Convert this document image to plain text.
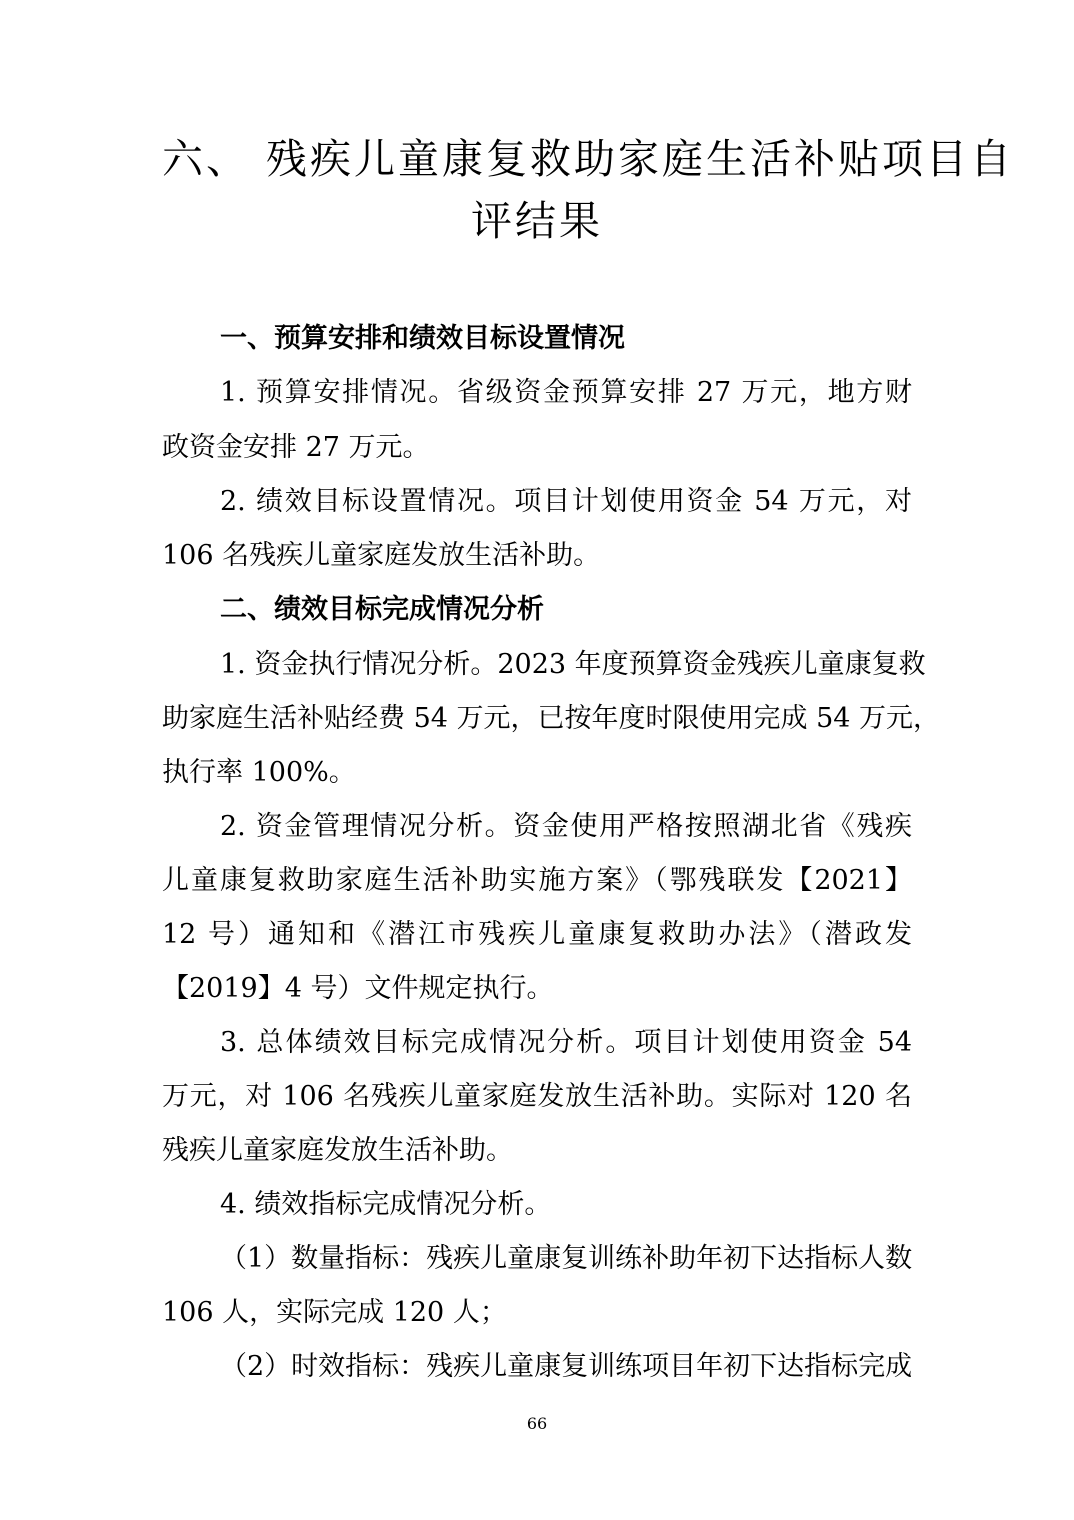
六、 残疾儿童康复救助家庭生活补贴项目自
评结果
一、预算安排和绩效目标设置情况
1. 预算安排情况。省级资金预算安排 27 万元，地方财
政资金安排 27 万元。
2. 绩效目标设置情况。项目计划使用资金 54 万元，对
106 名残疾儿童家庭发放生活补助。
二、绩效目标完成情况分析
1. 资金执行情况分析。2023 年度预算资金残疾儿童康复救
助家庭生活补贴经费 54 万元，已按年度时限使用完成 54 万元，
执行率 100%。
2. 资金管理情况分析。资金使用严格按照湖北省《残疾
儿童康复救助家庭生活补助实施方案》（鄂残联发【2021】
12 号）通知和《潜江市残疾儿童康复救助办法》（潜政发
【2019】4 号）文件规定执行。
3. 总体绩效目标完成情况分析。项目计划使用资金 54
万元，对 106 名残疾儿童家庭发放生活补助。实际对 120 名
残疾儿童家庭发放生活补助。
4. 绩效指标完成情况分析。
（1）数量指标：残疾儿童康复训练补助年初下达指标人数
106 人，实际完成 120 人；
（2）时效指标：残疾儿童康复训练项目年初下达指标完成
66
